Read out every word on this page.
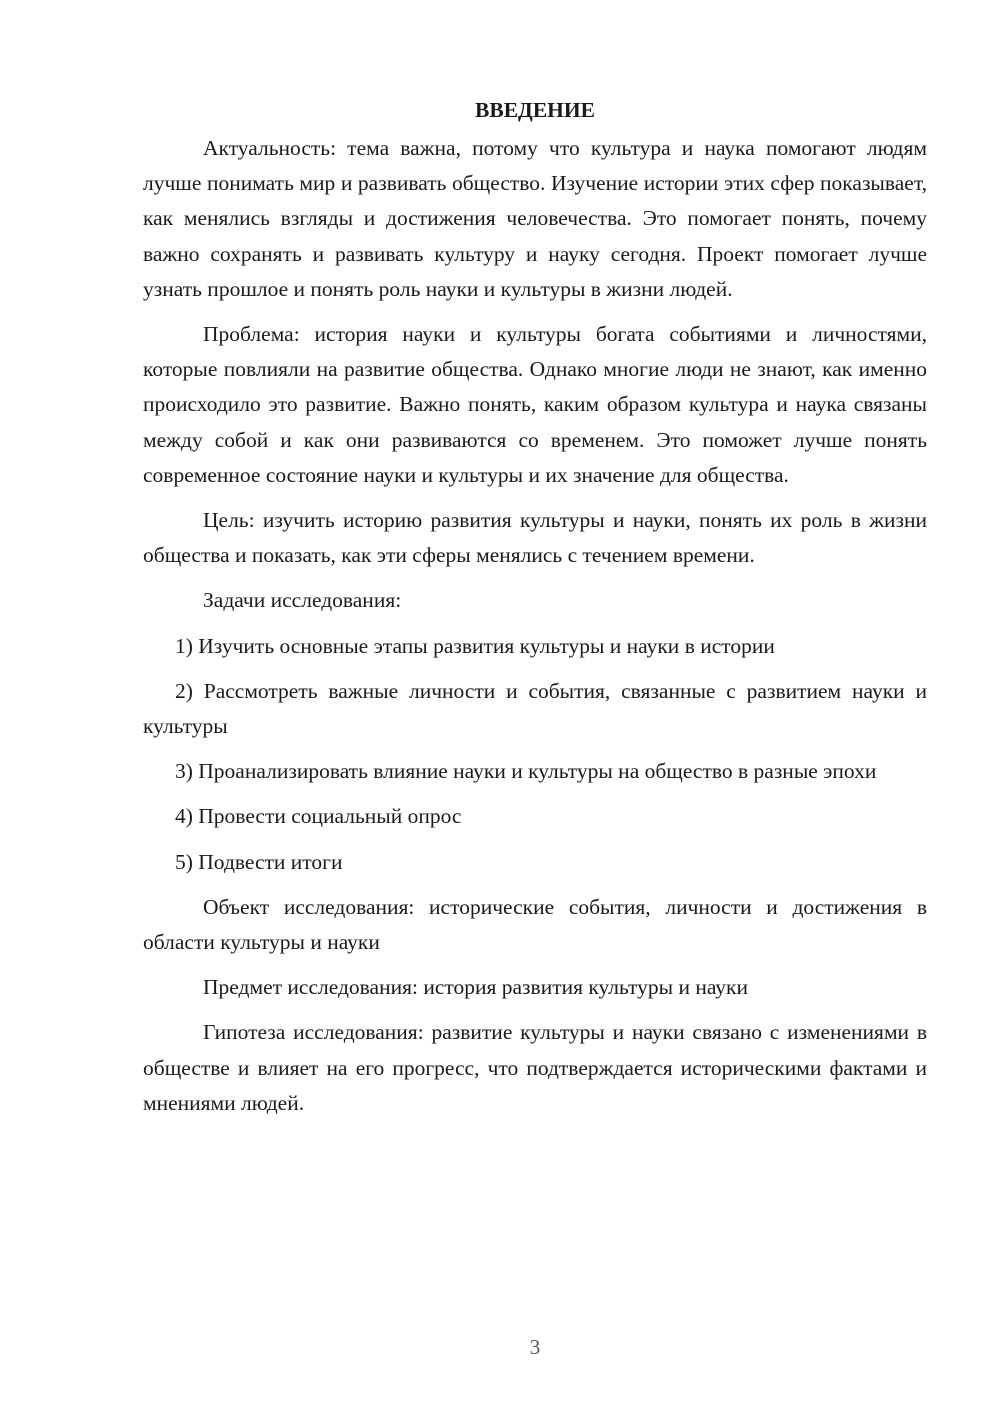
ВВЕДЕНИЕ

Актуальность: тема важна, потому что культура и наука помогают людям лучше понимать мир и развивать общество. Изучение истории этих сфер показывает, как менялись взгляды и достижения человечества. Это помогает понять, почему важно сохранять и развивать культуру и науку сегодня. Проект помогает лучше узнать прошлое и понять роль науки и культуры в жизни людей.

Проблема: история науки и культуры богата событиями и личностями, которые повлияли на развитие общества. Однако многие люди не знают, как именно происходило это развитие. Важно понять, каким образом культура и наука связаны между собой и как они развиваются со временем. Это поможет лучше понять современное состояние науки и культуры и их значение для общества.

Цель: изучить историю развития культуры и науки, понять их роль в жизни общества и показать, как эти сферы менялись с течением времени.

Задачи исследования:

1) Изучить основные этапы развития культуры и науки в истории

2) Рассмотреть важные личности и события, связанные с развитием науки и культуры

3) Проанализировать влияние науки и культуры на общество в разные эпохи

4) Провести социальный опрос

5) Подвести итоги

Объект исследования: исторические события, личности и достижения в области культуры и науки

Предмет исследования: история развития культуры и науки

Гипотеза исследования: развитие культуры и науки связано с изменениями в обществе и влияет на его прогресс, что подтверждается историческими фактами и мнениями людей.

3
